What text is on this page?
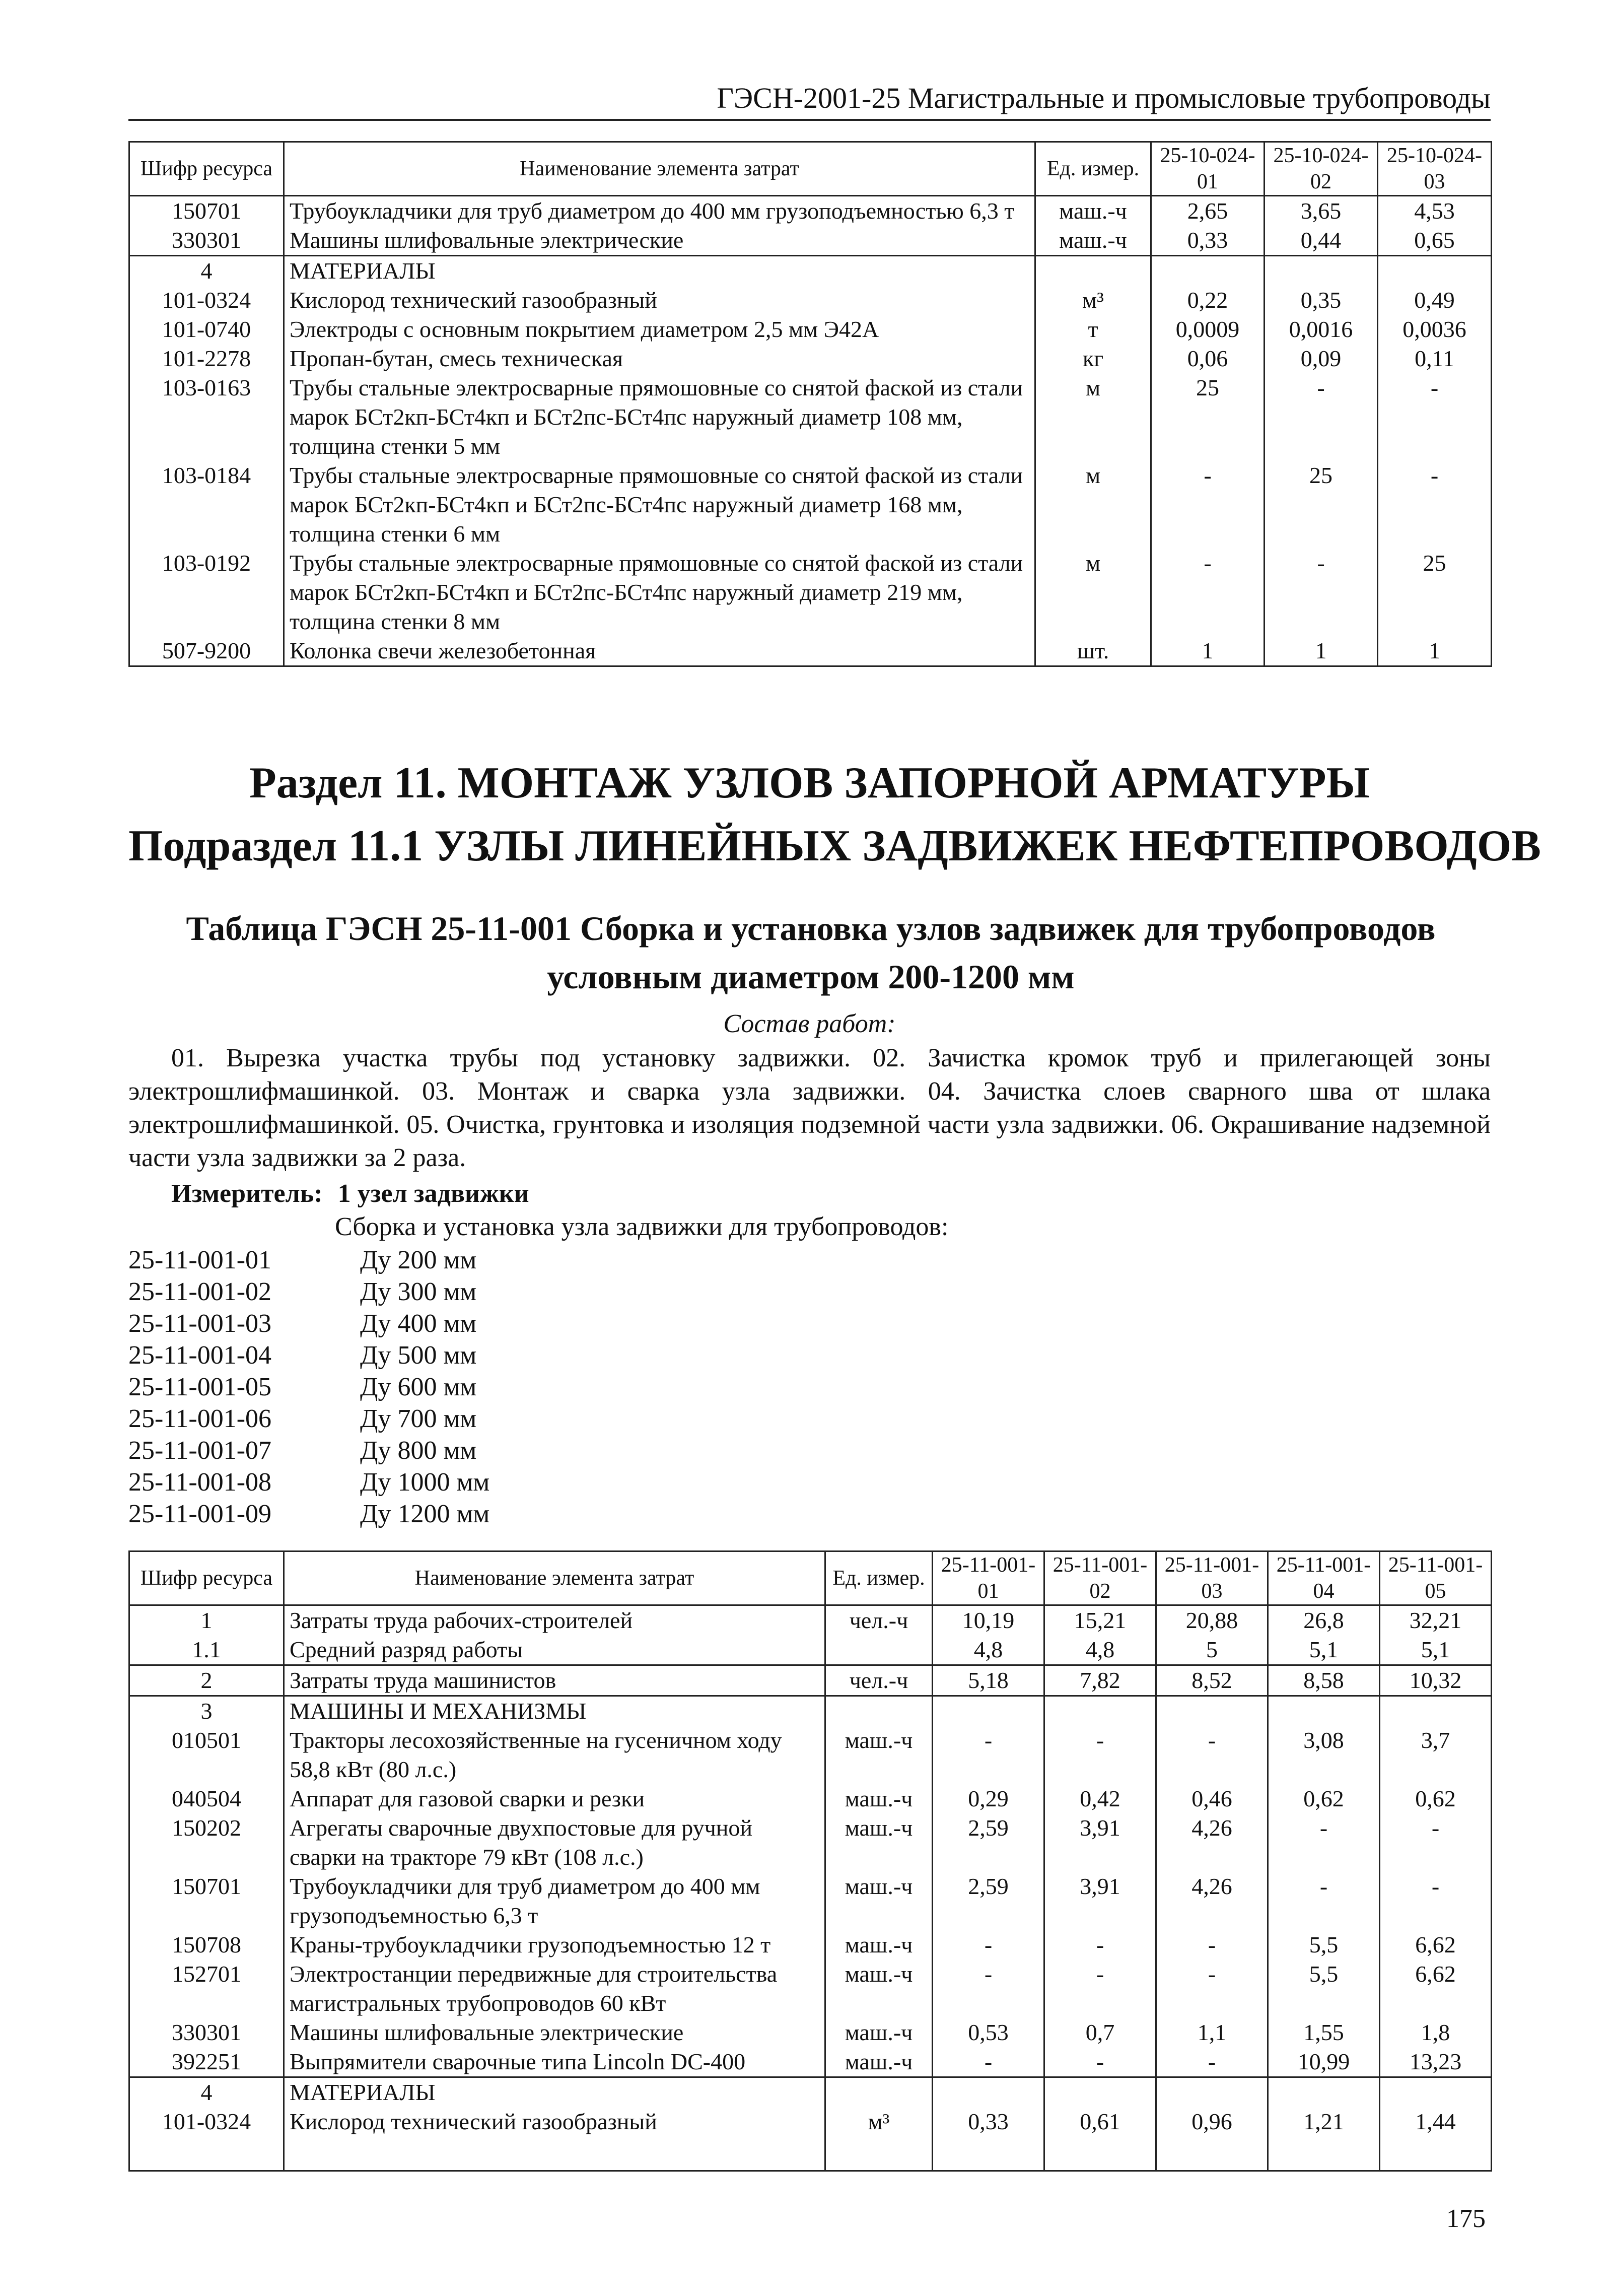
ГЭСН-2001-25 Магистральные и промысловые трубопроводы
Шифр ресурса	Наименование элемента затрат	Ед. измер.	25-10-024-01	25-10-024-02	25-10-024-03
150701	Трубоукладчики для труб диаметром до 400 мм грузоподъемностью 6,3 т	маш.-ч	2,65	3,65	4,53
330301	Машины шлифовальные электрические	маш.-ч	0,33	0,44	0,65
4	МАТЕРИАЛЫ				
101-0324	Кислород технический газообразный	м³	0,22	0,35	0,49
101-0740	Электроды с основным покрытием диаметром 2,5 мм Э42А	т	0,0009	0,0016	0,0036
101-2278	Пропан-бутан, смесь техническая	кг	0,06	0,09	0,11
103-0163	Трубы стальные электросварные прямошовные со снятой фаской из стали марок БСт2кп-БСт4кп и БСт2пс-БСт4пс наружный диаметр 108 мм, толщина стенки 5 мм	м	25	-	-
103-0184	Трубы стальные электросварные прямошовные со снятой фаской из стали марок БСт2кп-БСт4кп и БСт2пс-БСт4пс наружный диаметр 168 мм, толщина стенки 6 мм	м	-	25	-
103-0192	Трубы стальные электросварные прямошовные со снятой фаской из стали марок БСт2кп-БСт4кп и БСт2пс-БСт4пс наружный диаметр 219 мм, толщина стенки 8 мм	м	-	-	25
507-9200	Колонка свечи железобетонная	шт.	1	1	1
Раздел 11. МОНТАЖ УЗЛОВ ЗАПОРНОЙ АРМАТУРЫ
Подраздел 11.1 УЗЛЫ ЛИНЕЙНЫХ ЗАДВИЖЕК НЕФТЕПРОВОДОВ
Таблица ГЭСН 25-11-001 Сборка и установка узлов задвижек для трубопроводов условным диаметром 200-1200 мм
Состав работ:
01. Вырезка участка трубы под установку задвижки. 02. Зачистка кромок труб и прилегающей зоны электрошлифмашинкой. 03. Монтаж и сварка узла задвижки. 04. Зачистка слоев сварного шва от шлака электрошлифмашинкой. 05. Очистка, грунтовка и изоляция подземной части узла задвижки. 06. Окрашивание надземной части узла задвижки за 2 раза.
Измеритель: 1 узел задвижки
Сборка и установка узла задвижки для трубопроводов:
25-11-001-01	Ду 200 мм
25-11-001-02	Ду 300 мм
25-11-001-03	Ду 400 мм
25-11-001-04	Ду 500 мм
25-11-001-05	Ду 600 мм
25-11-001-06	Ду 700 мм
25-11-001-07	Ду 800 мм
25-11-001-08	Ду 1000 мм
25-11-001-09	Ду 1200 мм
Шифр ресурса	Наименование элемента затрат	Ед. измер.	25-11-001-01	25-11-001-02	25-11-001-03	25-11-001-04	25-11-001-05
1	Затраты труда рабочих-строителей	чел.-ч	10,19	15,21	20,88	26,8	32,21
1.1	Средний разряд работы		4,8	4,8	5	5,1	5,1
2	Затраты труда машинистов	чел.-ч	5,18	7,82	8,52	8,58	10,32
3	МАШИНЫ И МЕХАНИЗМЫ						
010501	Тракторы лесохозяйственные на гусеничном ходу 58,8 кВт (80 л.с.)	маш.-ч	-	-	-	3,08	3,7
040504	Аппарат для газовой сварки и резки	маш.-ч	0,29	0,42	0,46	0,62	0,62
150202	Агрегаты сварочные двухпостовые для ручной сварки на тракторе 79 кВт (108 л.с.)	маш.-ч	2,59	3,91	4,26	-	-
150701	Трубоукладчики для труб диаметром до 400 мм грузоподъемностью 6,3 т	маш.-ч	2,59	3,91	4,26	-	-
150708	Краны-трубоукладчики грузоподъемностью 12 т	маш.-ч	-	-	-	5,5	6,62
152701	Электростанции передвижные для строительства магистральных трубопроводов 60 кВт	маш.-ч	-	-	-	5,5	6,62
330301	Машины шлифовальные электрические	маш.-ч	0,53	0,7	1,1	1,55	1,8
392251	Выпрямители сварочные типа Lincoln DC-400	маш.-ч	-	-	-	10,99	13,23
4	МАТЕРИАЛЫ						
101-0324	Кислород технический газообразный	м³	0,33	0,61	0,96	1,21	1,44

175
